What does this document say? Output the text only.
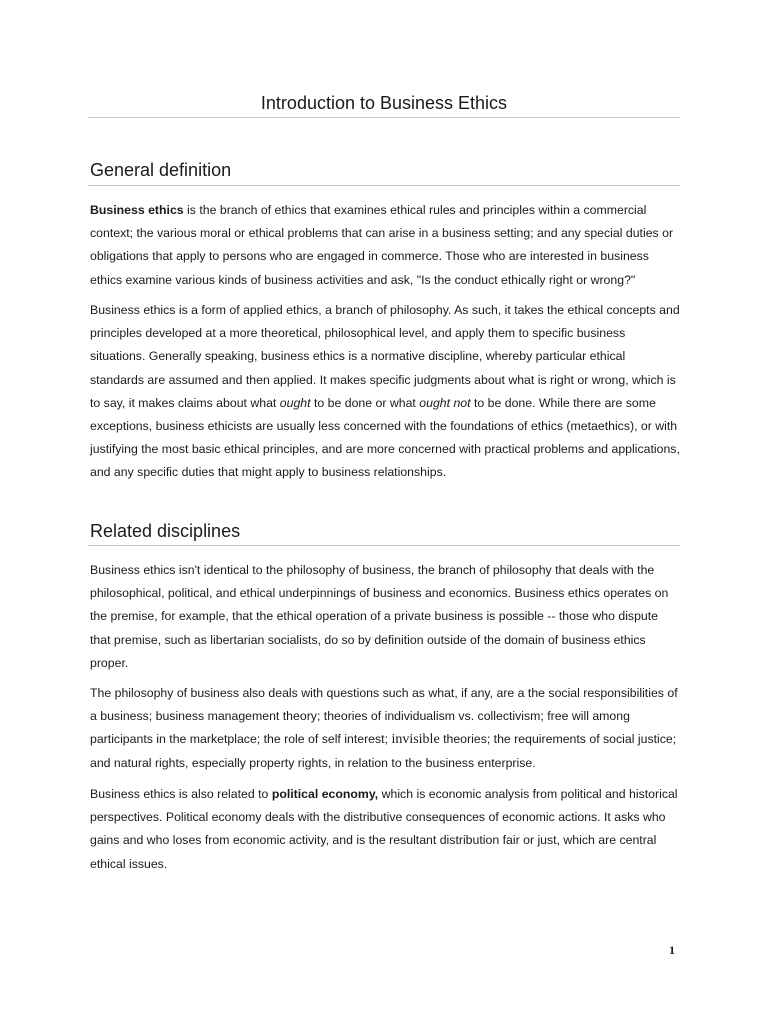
Introduction to Business Ethics
General definition

Business ethics is the branch of ethics that examines ethical rules and principles within a commercial context; the various moral or ethical problems that can arise in a business setting; and any special duties or obligations that apply to persons who are engaged in commerce. Those who are interested in business ethics examine various kinds of business activities and ask, "Is the conduct ethically right or wrong?"

Business ethics is a form of applied ethics, a branch of philosophy. As such, it takes the ethical concepts and principles developed at a more theoretical, philosophical level, and apply them to specific business situations. Generally speaking, business ethics is a normative discipline, whereby particular ethical standards are assumed and then applied. It makes specific judgments about what is right or wrong, which is to say, it makes claims about what ought to be done or what ought not to be done. While there are some exceptions, business ethicists are usually less concerned with the foundations of ethics (metaethics), or with justifying the most basic ethical principles, and are more concerned with practical problems and applications, and any specific duties that might apply to business relationships.

Related disciplines

Business ethics isn't identical to the philosophy of business, the branch of philosophy that deals with the philosophical, political, and ethical underpinnings of business and economics. Business ethics operates on the premise, for example, that the ethical operation of a private business is possible -- those who dispute that premise, such as libertarian socialists, do so by definition outside of the domain of business ethics proper.

The philosophy of business also deals with questions such as what, if any, are a the social responsibilities of a business; business management theory; theories of individualism vs. collectivism; free will among participants in the marketplace; the role of self interest; invisible theories; the requirements of social justice; and natural rights, especially property rights, in relation to the business enterprise.

Business ethics is also related to political economy, which is economic analysis from political and historical perspectives. Political economy deals with the distributive consequences of economic actions. It asks who gains and who loses from economic activity, and is the resultant distribution fair or just, which are central ethical issues.

1
